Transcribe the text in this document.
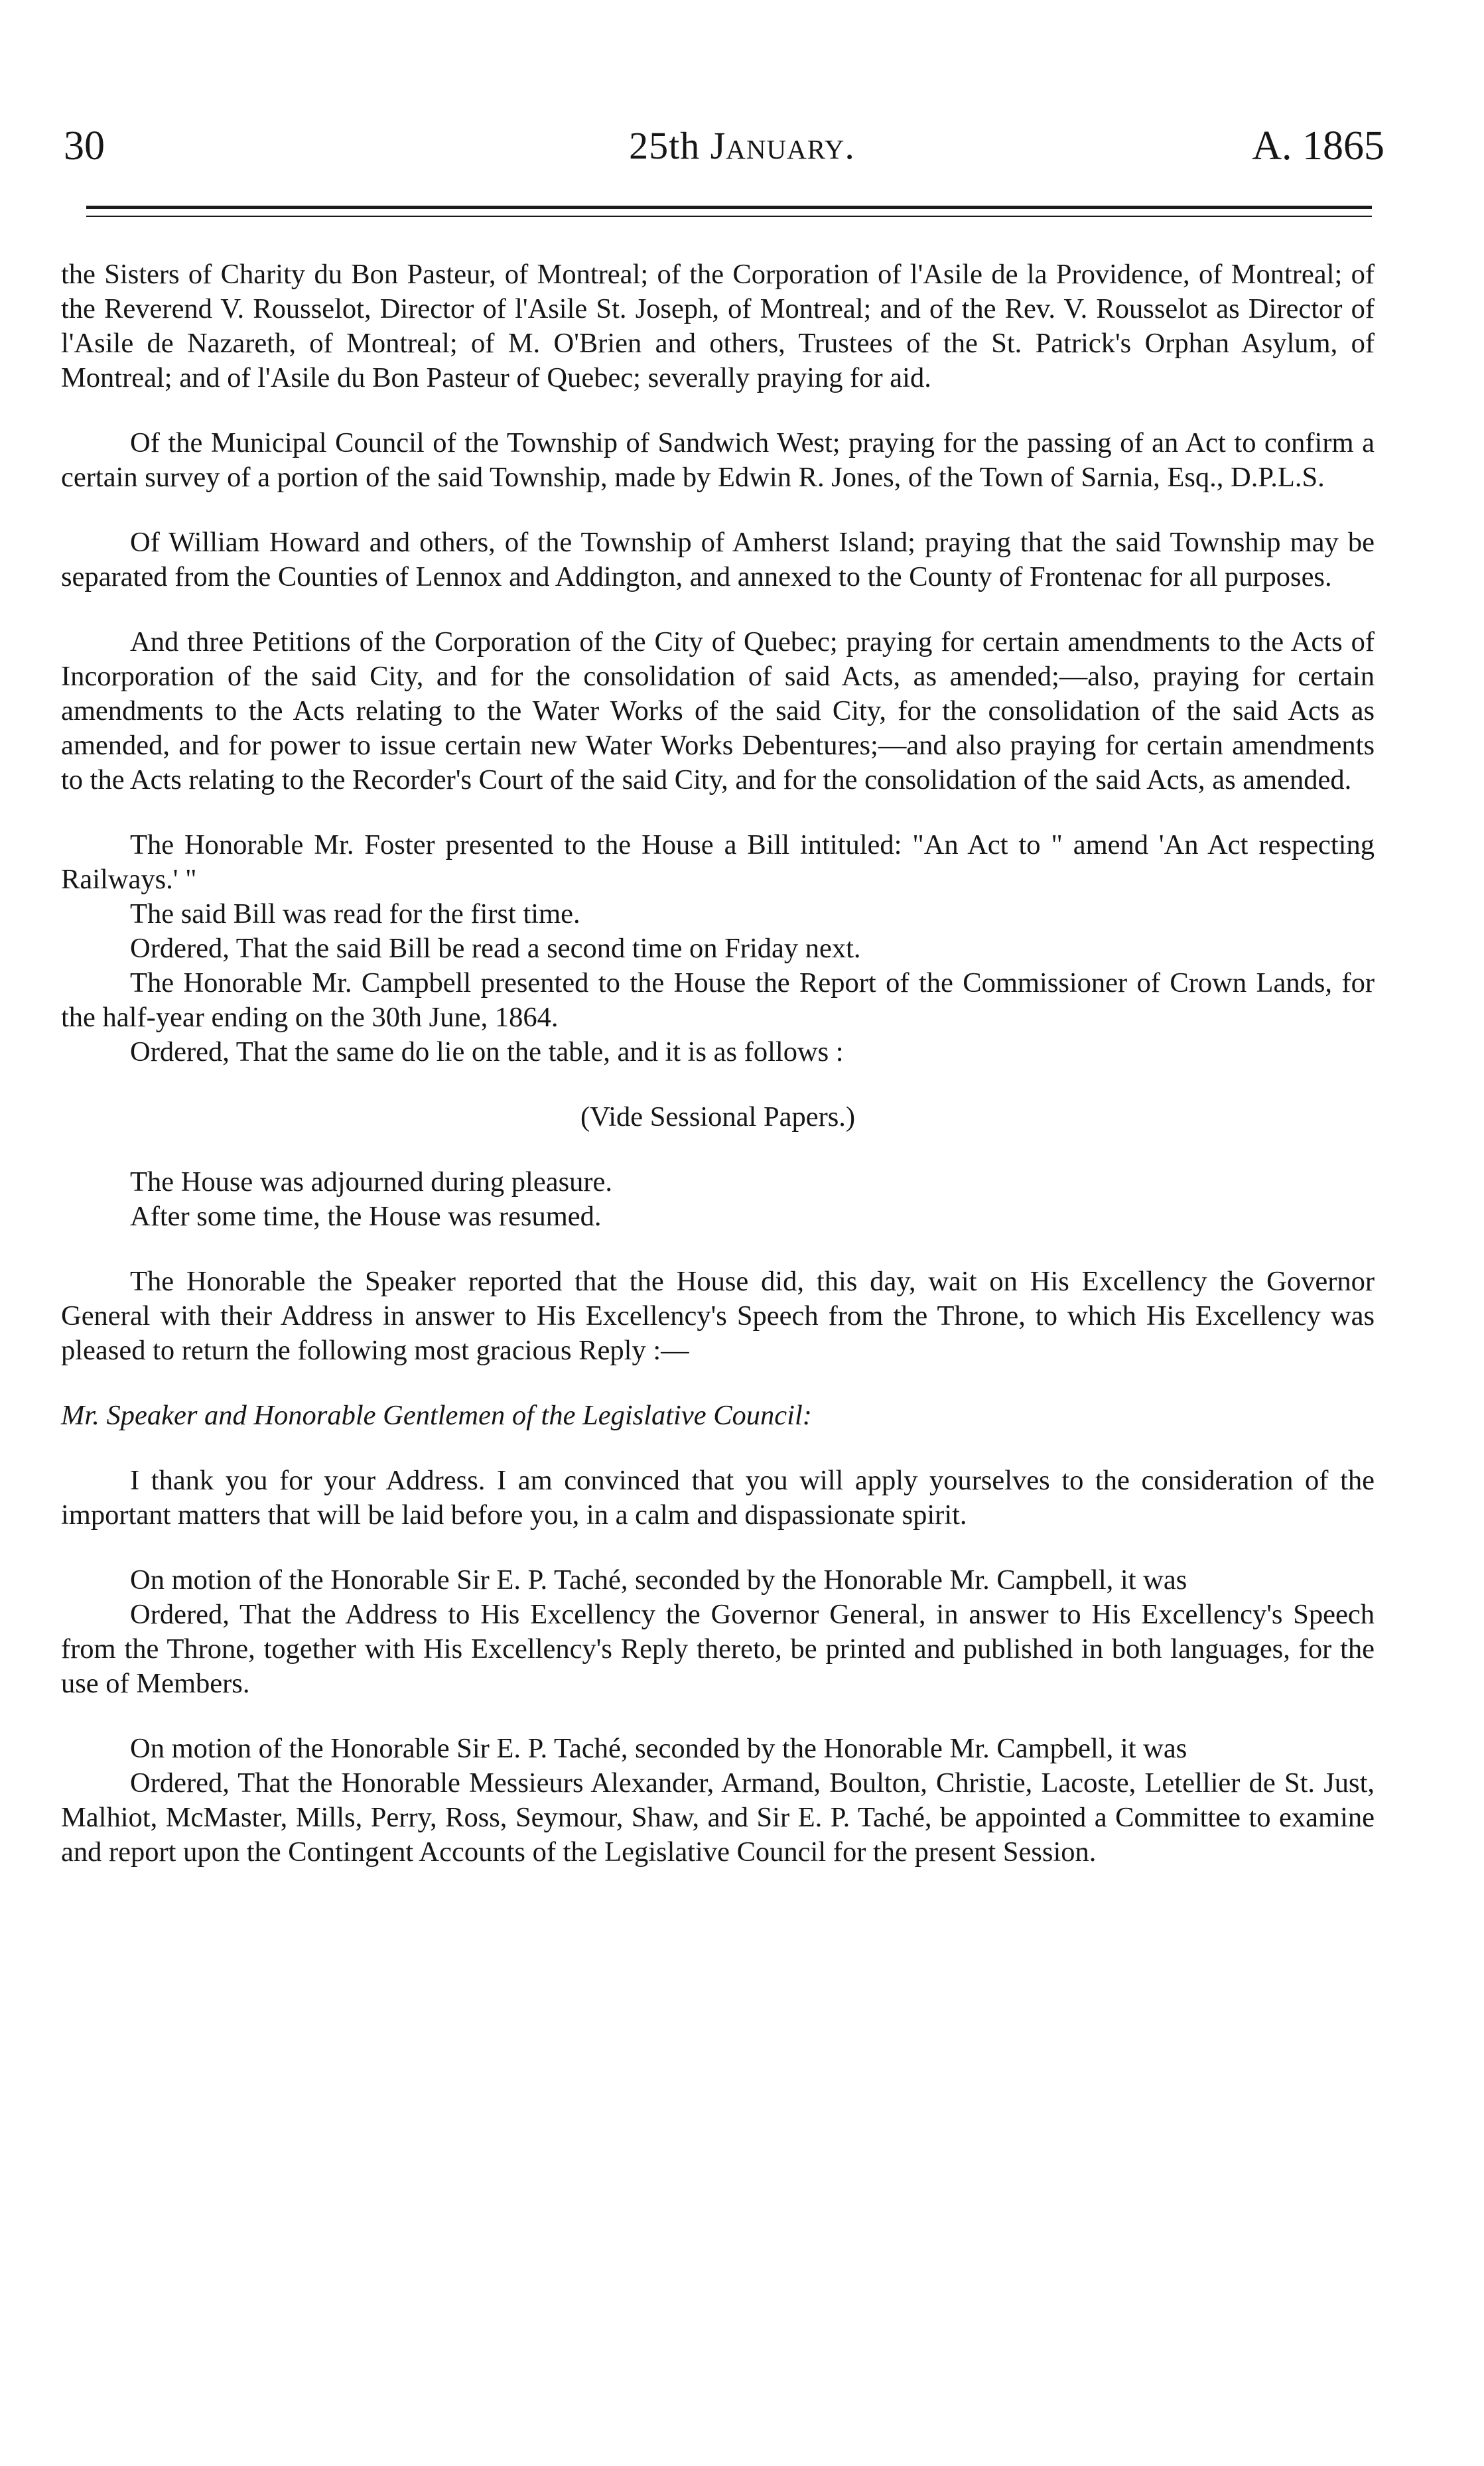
30	25th January.	A. 1865

the Sisters of Charity du Bon Pasteur, of Montreal; of the Corporation of l'Asile de la Providence, of Montreal; of the Reverend V. Rousselot, Director of l'Asile St. Joseph, of Montreal; and of the Rev. V. Rousselot as Director of l'Asile de Nazareth, of Montreal; of M. O'Brien and others, Trustees of the St. Patrick's Orphan Asylum, of Montreal; and of l'Asile du Bon Pasteur of Quebec; severally praying for aid.

Of the Municipal Council of the Township of Sandwich West; praying for the passing of an Act to confirm a certain survey of a portion of the said Township, made by Edwin R. Jones, of the Town of Sarnia, Esq., D.P.L.S.

Of William Howard and others, of the Township of Amherst Island; praying that the said Township may be separated from the Counties of Lennox and Addington, and annexed to the County of Frontenac for all purposes.

And three Petitions of the Corporation of the City of Quebec; praying for certain amendments to the Acts of Incorporation of the said City, and for the consolidation of said Acts, as amended;—also, praying for certain amendments to the Acts relating to the Water Works of the said City, for the consolidation of the said Acts as amended, and for power to issue certain new Water Works Debentures;—and also praying for certain amendments to the Acts relating to the Recorder's Court of the said City, and for the consolidation of the said Acts, as amended.

The Honorable Mr. Foster presented to the House a Bill intituled: "An Act to " amend 'An Act respecting Railways.' "

The said Bill was read for the first time.

Ordered, That the said Bill be read a second time on Friday next.

The Honorable Mr. Campbell presented to the House the Report of the Commissioner of Crown Lands, for the half-year ending on the 30th June, 1864.

Ordered, That the same do lie on the table, and it is as follows :

(Vide Sessional Papers.)

The House was adjourned during pleasure.

After some time, the House was resumed.

The Honorable the Speaker reported that the House did, this day, wait on His Excellency the Governor General with their Address in answer to His Excellency's Speech from the Throne, to which His Excellency was pleased to return the following most gracious Reply :—

Mr. Speaker and Honorable Gentlemen of the Legislative Council:

I thank you for your Address. I am convinced that you will apply yourselves to the consideration of the important matters that will be laid before you, in a calm and dispassionate spirit.

On motion of the Honorable Sir E. P. Taché, seconded by the Honorable Mr. Campbell, it was

Ordered, That the Address to His Excellency the Governor General, in answer to His Excellency's Speech from the Throne, together with His Excellency's Reply thereto, be printed and published in both languages, for the use of Members.

On motion of the Honorable Sir E. P. Taché, seconded by the Honorable Mr. Campbell, it was

Ordered, That the Honorable Messieurs Alexander, Armand, Boulton, Christie, Lacoste, Letellier de St. Just, Malhiot, McMaster, Mills, Perry, Ross, Seymour, Shaw, and Sir E. P. Taché, be appointed a Committee to examine and report upon the Contingent Accounts of the Legislative Council for the present Session.
